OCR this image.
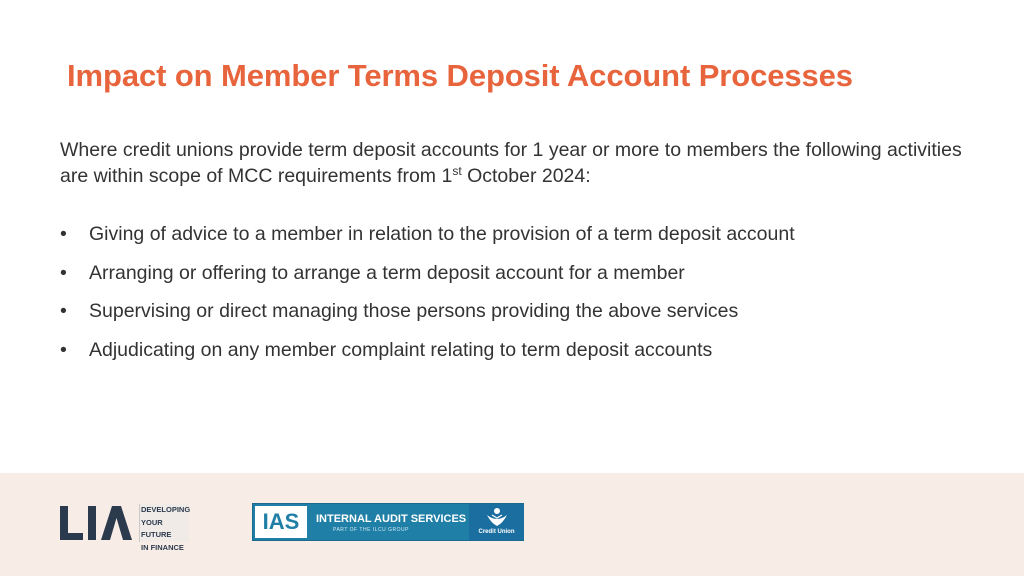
Impact on Member Terms Deposit Account Processes

Where credit unions provide term deposit accounts for 1 year or more to members the following activities are within scope of MCC requirements from 1st October 2024:

• Giving of advice to a member in relation to the provision of a term deposit account
• Arranging or offering to arrange a term deposit account for a member
• Supervising or direct managing those persons providing the above services
• Adjudicating on any member complaint relating to term deposit accounts
DEVELOPING
YOUR FUTURE
IN FINANCE
IAS	INTERNAL AUDIT SERVICES
PART OF THE ILCU GROUP	Credit Union
